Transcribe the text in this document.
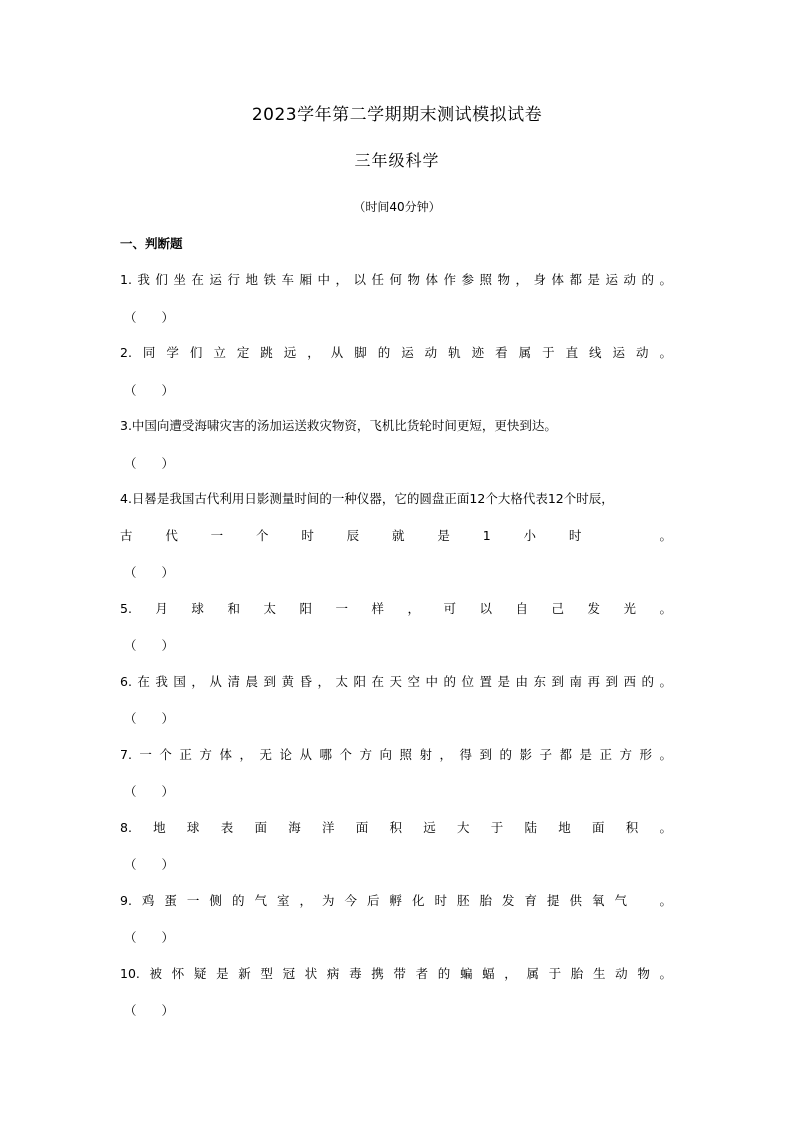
2023学年第二学期期末测试模拟试卷
三年级科学
（时间40分钟）
一、判断题
1.我们坐在运行地铁车厢中，以任何物体作参照物，身体都是运动的。
（　　）
2.同学们立定跳远，从脚的运动轨迹看属于直线运动。
（　　）
3.中国向遭受海啸灾害的汤加运送救灾物资，飞机比货轮时间更短，更快到达。
（　　）
4.日晷是我国古代利用日影测量时间的一种仪器，它的圆盘正面12个大格代表12个时辰，
古代一个时辰就是1小时　。
（　　）
5.月球和太阳一样，可以自己发光。
（　　）
6.在我国，从清晨到黄昏，太阳在天空中的位置是由东到南再到西的。
（　　）
7.一个正方体，无论从哪个方向照射，得到的影子都是正方形。
（　　）
8.地球表面海洋面积远大于陆地面积。
（　　）
9.鸡蛋一侧的气室，为今后孵化时胚胎发育提供氧气　。
（　　）
10.被怀疑是新型冠状病毒携带者的蝙蝠，属于胎生动物。
（　　）
